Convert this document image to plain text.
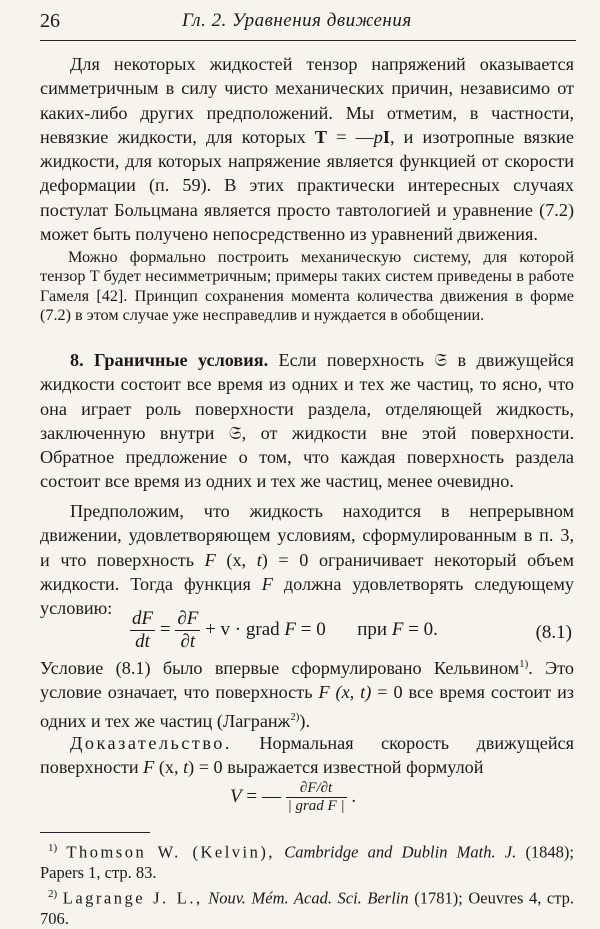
26	Гл. 2. Уравнения движения

Для некоторых жидкостей тензор напряжений оказывается симметричным в силу чисто механических причин, независимо от каких-либо других предположений. Мы отметим, в частности, невязкие жидкости, для которых T = —pI, и изотропные вязкие жидкости, для которых напряжение является функцией от скорости деформации (п. 59). В этих практически интересных случаях постулат Больцмана является просто тавтологией и уравнение (7.2) может быть получено непосредственно из уравнений движения.

Можно формально построить механическую систему, для которой тензор T будет несимметричным; примеры таких систем приведены в работе Гамеля [42]. Принцип сохранения момента количества движения в форме (7.2) в этом случае уже несправедлив и нуждается в обобщении.

8. Граничные условия. Если поверхность 𝔖 в движущейся жидкости состоит все время из одних и тех же частиц, то ясно, что она играет роль поверхности раздела, отделяющей жидкость, заключенную внутри 𝔖, от жидкости вне этой поверхности. Обратное предложение о том, что каждая поверхность раздела состоит все время из одних и тех же частиц, менее очевидно.

Предположим, что жидкость находится в непрерывном движении, удовлетворяющем условиям, сформулированным в п. 3, и что поверхность F (x, t) = 0 ограничивает некоторый объем жидкости. Тогда функция F должна удовлетворять следующему условию: $\frac{dF}{dt} = \frac{\partial F}{\partial t} + v$ · grad F = 0 при F = 0.	(8.1)

Условие (8.1) было впервые сформулировано Кельвином$^{1)}$. Это условие означает, что поверхность F (x, t) = 0 все время состоит из одних и тех же частиц (Лагранж$^{2)}$).

Доказательство. Нормальная скорость движущейся поверхности F (x, t) = 0 выражается известной формулой

V = — $\frac{\partial F/\partial t}{\text{| grad F |}}$ .

$^{1)}$ Thomson W. (Kelvin), Cambridge and Dublin Math. J. (1848); Papers 1, стр. 83.

$^{2)}$ Lagrange J. L., Nouv. Mém. Acad. Sci. Berlin (1781); Oeuvres 4, стр. 706.
